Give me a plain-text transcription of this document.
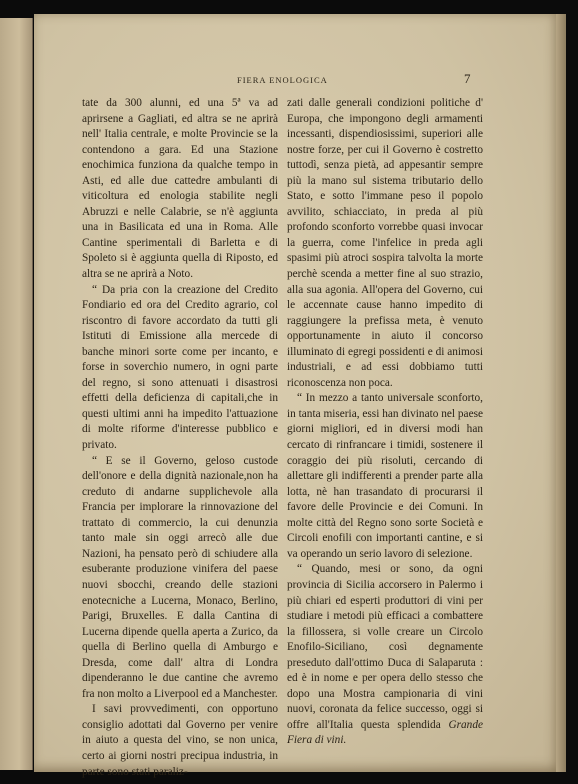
FIERA ENOLOGICA	7

tate da 300 alunni, ed una 5ª va ad aprirsene a Gagliati, ed altra se ne aprirà nell' Italia centrale, e molte Provincie se la contendono a gara. Ed una Stazione enochimica funziona da qualche tempo in Asti, ed alle due cattedre ambulanti di viticoltura ed enologia stabilite negli Abruzzi e nelle Calabrie, se n'è aggiunta una in Basilicata ed una in Roma. Alle Cantine sperimentali di Barletta e di Spoleto si è aggiunta quella di Riposto, ed altra se ne aprirà a Noto.

“ Da pria con la creazione del Credito Fondiario ed ora del Credito agrario, col riscontro di favore accordato da tutti gli Istituti di Emissione alla mercede di banche minori sorte come per incanto, e forse in soverchio numero, in ogni parte del regno, si sono attenuati i disastrosi effetti della deficienza di capitali,che in questi ultimi anni ha impedito l'attuazione di molte riforme d'interesse pubblico e privato.

“ E se il Governo, geloso custode dell'onore e della dignità nazionale,non ha creduto di andarne supplichevole alla Francia per implorare la rinnovazione del trattato di commercio, la cui denunzia tanto male sin oggi arrecò alle due Nazioni, ha pensato però di schiudere alla esuberante produzione vinifera del paese nuovi sbocchi, creando delle stazioni enotecniche a Lucerna, Monaco, Berlino, Parigi, Bruxelles. E dalla Cantina di Lucerna dipende quella aperta a Zurico, da quella di Berlino quella di Amburgo e Dresda, come dall' altra di Londra dipenderanno le due cantine che avremo fra non molto a Liverpool ed a Manchester.

I savi provvedimenti, con opportuno consiglio adottati dal Governo per venire in aiuto a questa del vino, se non unica, certo ai giorni nostri precipua industria, in parte sono stati paraliz-

zati dalle generali condizioni politiche d' Europa, che impongono degli armamenti incessanti, dispendiosissimi, superiori alle nostre forze, per cui il Governo è costretto tuttodì, senza pietà, ad appesantir sempre più la mano sul sistema tributario dello Stato, e sotto l'immane peso il popolo avvilito, schiacciato, in preda al più profondo sconforto vorrebbe quasi invocar la guerra, come l'infelice in preda agli spasimi più atroci sospira talvolta la morte perchè scenda a metter fine al suo strazio, alla sua agonia. All'opera del Governo, cui le accennate cause hanno impedito di raggiungere la prefissa meta, è venuto opportunamente in aiuto il concorso illuminato di egregi possidenti e di animosi industriali, e ad essi dobbiamo tutti riconoscenza non poca.

“ In mezzo a tanto universale sconforto, in tanta miseria, essi han divinato nel paese giorni migliori, ed in diversi modi han cercato di rinfrancare i timidi, sostenere il coraggio dei più risoluti, cercando di allettare gli indifferenti a prender parte alla lotta, nè han trasandato di procurarsi il favore delle Provincie e dei Comuni. In molte città del Regno sono sorte Società e Circoli enofili con importanti cantine, e si va operando un serio lavoro di selezione.

“ Quando, mesi or sono, da ogni provincia di Sicilia accorsero in Palermo i più chiari ed esperti produttori di vini per studiare i metodi più efficaci a combattere la fillossera, si volle creare un Circolo Enofilo-Siciliano, così degnamente preseduto dall'ottimo Duca di Salaparuta : ed è in nome e per opera dello stesso che dopo una Mostra campionaria di vini nuovi, coronata da felice successo, oggi si offre all'Italia questa splendida Grande Fiera di vini.
